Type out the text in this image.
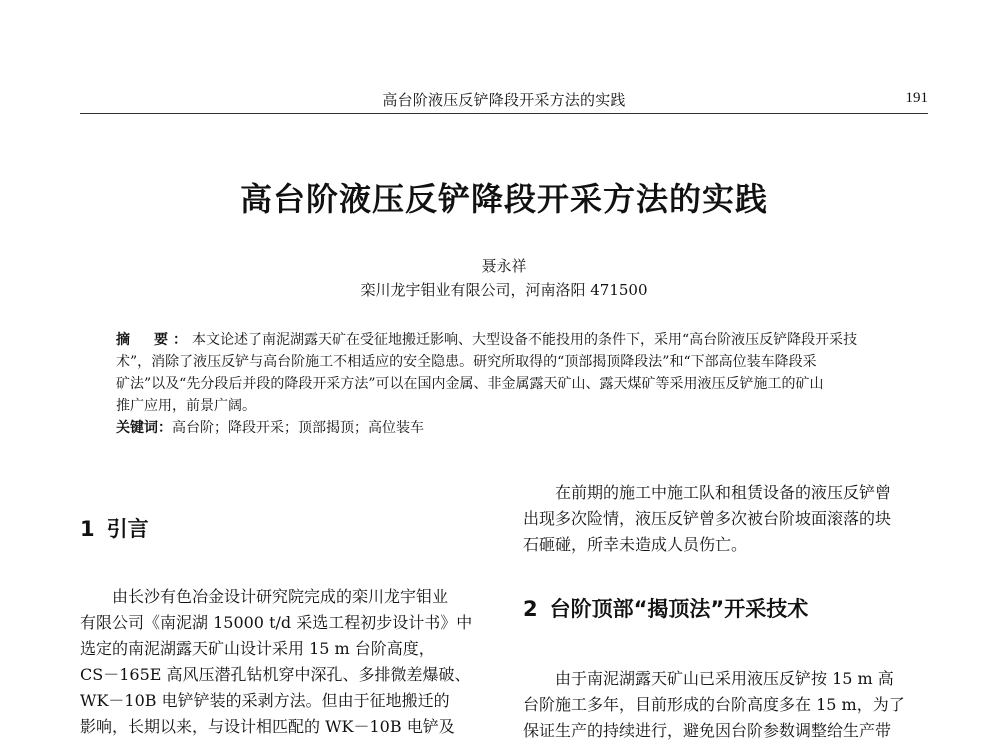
高台阶液压反铲降段开采方法的实践	191
高台阶液压反铲降段开采方法的实践
聂永祥
栾川龙宇钼业有限公司，河南洛阳 471500
摘　要：本文论述了南泥湖露天矿在受征地搬迁影响、大型设备不能投用的条件下，采用“高台阶液压反铲降段开采技
术”，消除了液压反铲与高台阶施工不相适应的安全隐患。研究所取得的“顶部揭顶降段法”和“下部高位装车降段采
矿法”以及“先分段后并段的降段开采方法”可以在国内金属、非金属露天矿山、露天煤矿等采用液压反铲施工的矿山
推广应用，前景广阔。
关键词：高台阶；降段开采；顶部揭顶；高位装车
1 引言
由长沙有色冶金设计研究院完成的栾川龙宇钼业
有限公司《南泥湖 15000 t/d 采选工程初步设计书》中
选定的南泥湖露天矿山设计采用 15 m 台阶高度，
CS－165E 高风压潜孔钻机穿中深孔、多排微差爆破、
WK－10B 电铲铲装的采剥方法。但由于征地搬迁的
影响，长期以来，与设计相匹配的 WK－10B 电铲及
在前期的施工中施工队和租赁设备的液压反铲曾
出现多次险情，液压反铲曾多次被台阶坡面滚落的块
石砸碰，所幸未造成人员伤亡。
2 台阶顶部“揭顶法”开采技术
由于南泥湖露天矿山已采用液压反铲按 15 m 高
台阶施工多年，目前形成的台阶高度多在 15 m，为了
保证生产的持续进行，避免因台阶参数调整给生产带
